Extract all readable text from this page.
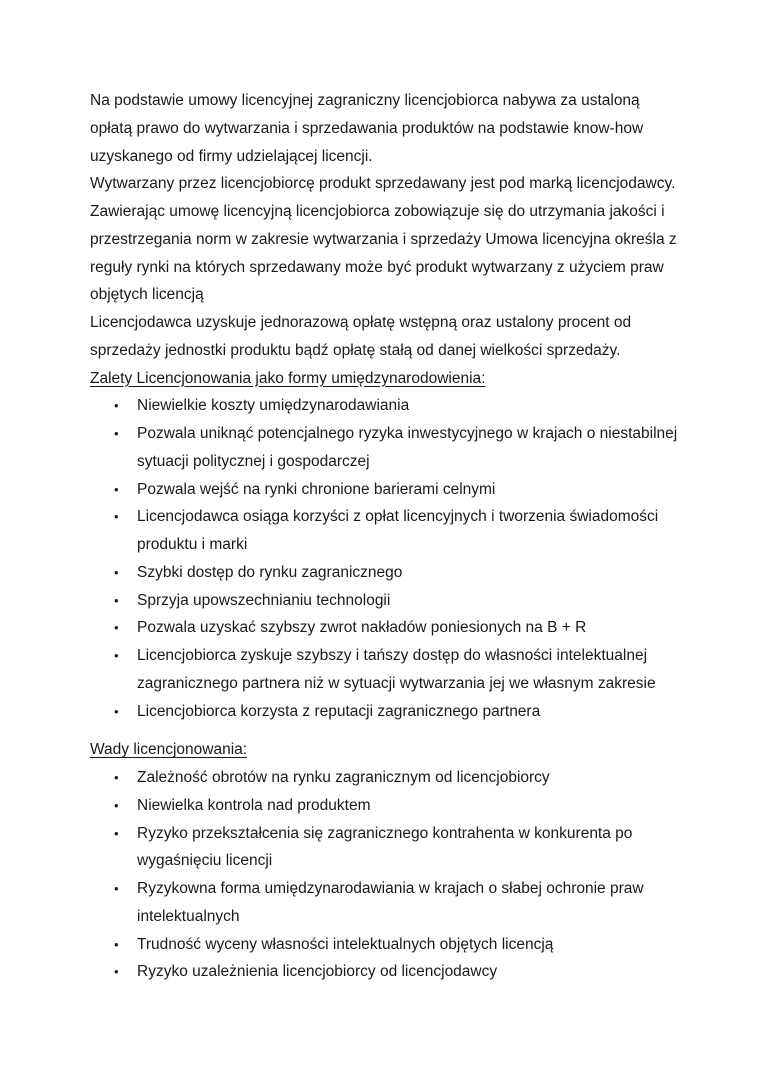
Na podstawie umowy licencyjnej zagraniczny licencjobiorca nabywa za ustaloną
opłatą prawo do wytwarzania i sprzedawania produktów na podstawie know-how
uzyskanego od firmy udzielającej licencji.
Wytwarzany przez licencjobiorcę produkt sprzedawany jest pod marką licencjodawcy.
Zawierając umowę licencyjną licencjobiorca zobowiązuje się do utrzymania jakości i
przestrzegania norm w zakresie wytwarzania i sprzedaży Umowa licencyjna określa z
reguły rynki na których sprzedawany może być produkt wytwarzany z użyciem praw
objętych licencją
Licencjodawca uzyskuje jednorazową opłatę wstępną oraz ustalony procent od
sprzedaży jednostki produktu bądź opłatę stałą od danej wielkości sprzedaży.
Zalety Licencjonowania jako formy umiędzynarodowienia:
• Niewielkie koszty umiędzynarodawiania
• Pozwala uniknąć potencjalnego ryzyka inwestycyjnego w krajach o niestabilnej
sytuacji politycznej i gospodarczej
• Pozwala wejść na rynki chronione barierami celnymi
• Licencjodawca osiąga korzyści z opłat licencyjnych i tworzenia świadomości
produktu i marki
• Szybki dostęp do rynku zagranicznego
• Sprzyja upowszechnianiu technologii
• Pozwala uzyskać szybszy zwrot nakładów poniesionych na B + R
• Licencjobiorca zyskuje szybszy i tańszy dostęp do własności intelektualnej
zagranicznego partnera niż w sytuacji wytwarzania jej we własnym zakresie
• Licencjobiorca korzysta z reputacji zagranicznego partnera
Wady licencjonowania:
• Zależność obrotów na rynku zagranicznym od licencjobiorcy
• Niewielka kontrola nad produktem
• Ryzyko przekształcenia się zagranicznego kontrahenta w konkurenta po
wygaśnięciu licencji
• Ryzykowna forma umiędzynarodawiania w krajach o słabej ochronie praw
intelektualnych
• Trudność wyceny własności intelektualnych objętych licencją
• Ryzyko uzależnienia licencjobiorcy od licencjodawcy
